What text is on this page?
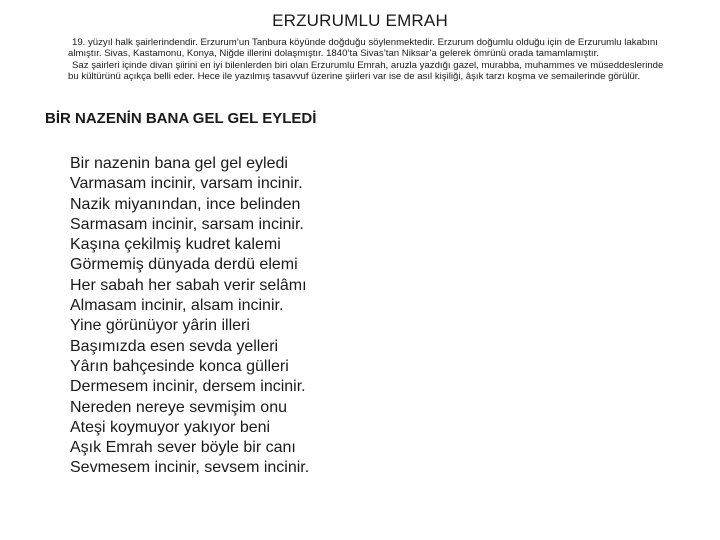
ERZURUMLU EMRAH

19. yüzyıl halk şairlerindendir. Erzurum’un Tanbura köyünde doğduğu söylenmektedir. Erzurum doğumlu olduğu için de Erzurumlu lakabını almıştır. Sivas, Kastamonu, Konya, Niğde illerini dolaşmıştır. 1840’ta Sivas’tan Niksar’a gelerek ömrünü orada tamamlamıştır.

Saz şairleri içinde divan şiirini en iyi bilenlerden biri olan Erzurumlu Emrah, aruzla yazdığı gazel, murabba, muhammes ve müseddeslerinde bu kültürünü açıkça belli eder. Hece ile yazılmış tasavvuf üzerine şiirleri var ise de asıl kişiliği, âşık tarzı koşma ve semailerinde görülür.

BİR NAZENİN BANA GEL GEL EYLEDİ
Bir nazenin bana gel gel eyledi
Varmasam incinir, varsam incinir.
Nazik miyanından, ince belinden
Sarmasam incinir, sarsam incinir.
Kaşına çekilmiş kudret kalemi
Görmemiş dünyada derdü elemi
Her sabah her sabah verir selâmı
Almasam incinir, alsam incinir.
Yine görünüyor yârin illeri
Başımızda esen sevda yelleri
Yârın bahçesinde konca gülleri
Dermesem incinir, dersem incinir.
Nereden nereye sevmişim onu
Ateşi koymuyor yakıyor beni
Aşık Emrah sever böyle bir canı
Sevmesem incinir, sevsem incinir.
